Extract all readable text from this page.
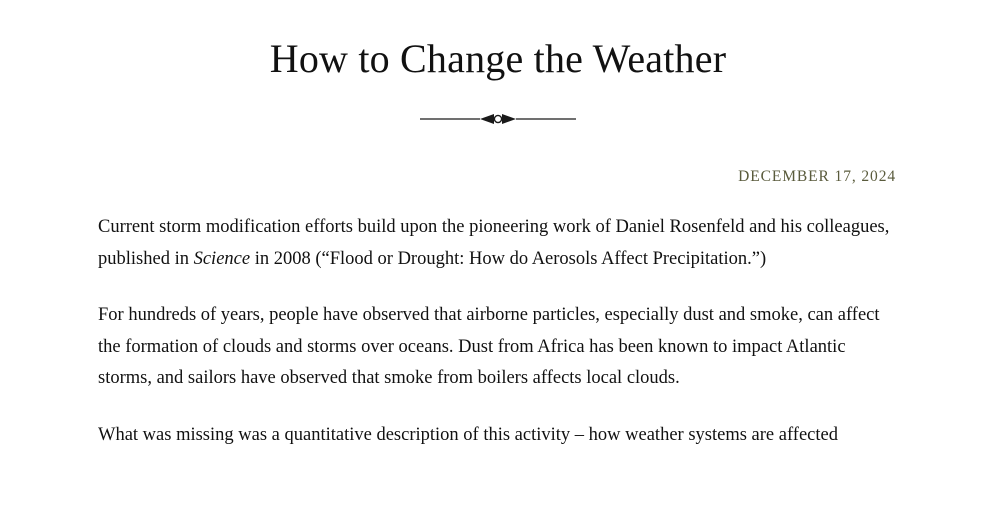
How to Change the Weather
DECEMBER 17, 2024

Current storm modification efforts build upon the pioneering work of Daniel Rosenfeld and his colleagues, published in Science in 2008 (“Flood or Drought: How do Aerosols Affect Precipitation.”)

For hundreds of years, people have observed that airborne particles, especially dust and smoke, can affect the formation of clouds and storms over oceans. Dust from Africa has been known to impact Atlantic storms, and sailors have observed that smoke from boilers affects local clouds.

What was missing was a quantitative description of this activity – how weather systems are affected
